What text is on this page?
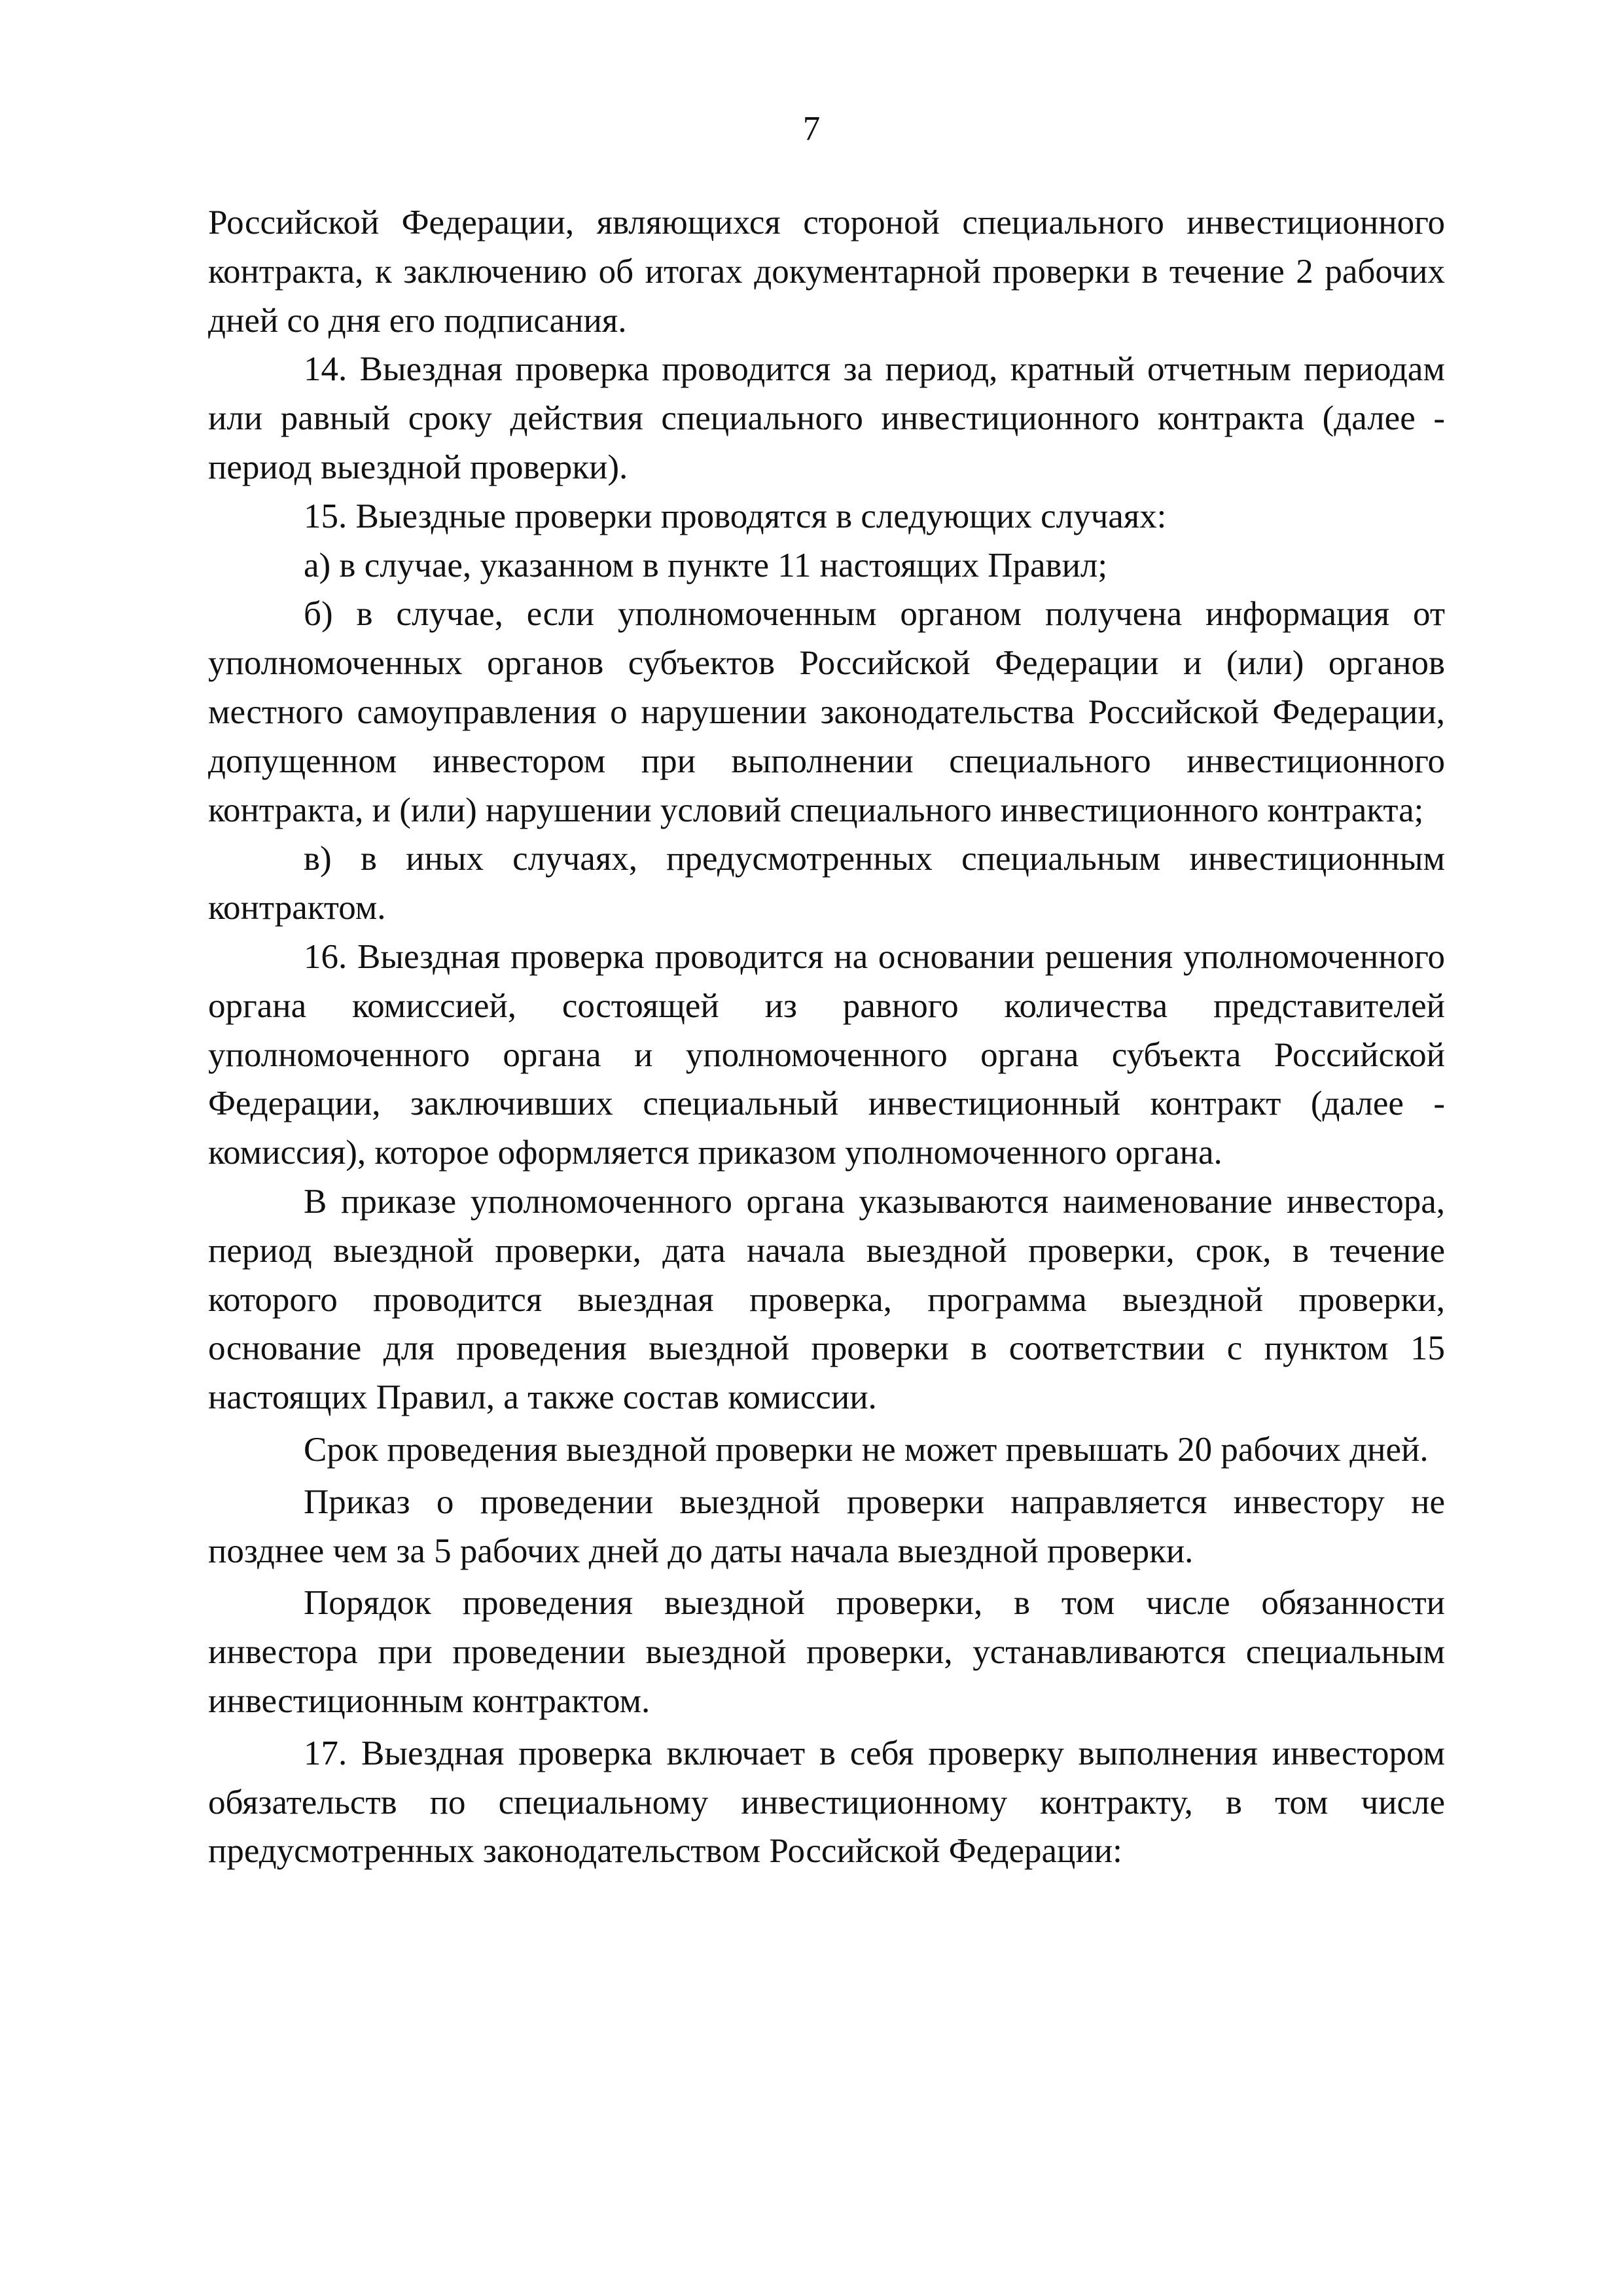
7

Российской Федерации, являющихся стороной специального инвестиционного контракта, к заключению об итогах документарной проверки в течение 2 рабочих дней со дня его подписания.

14. Выездная проверка проводится за период, кратный отчетным периодам или равный сроку действия специального инвестиционного контракта (далее - период выездной проверки).

15. Выездные проверки проводятся в следующих случаях:

а) в случае, указанном в пункте 11 настоящих Правил;

б) в случае, если уполномоченным органом получена информация от уполномоченных органов субъектов Российской Федерации и (или) органов местного самоуправления о нарушении законодательства Российской Федерации, допущенном инвестором при выполнении специального инвестиционного контракта, и (или) нарушении условий специального инвестиционного контракта;

в) в иных случаях, предусмотренных специальным инвестиционным контрактом.

16. Выездная проверка проводится на основании решения уполномоченного органа комиссией, состоящей из равного количества представителей уполномоченного органа и уполномоченного органа субъекта Российской Федерации, заключивших специальный инвестиционный контракт (далее - комиссия), которое оформляется приказом уполномоченного органа.

В приказе уполномоченного органа указываются наименование инвестора, период выездной проверки, дата начала выездной проверки, срок, в течение которого проводится выездная проверка, программа выездной проверки, основание для проведения выездной проверки в соответствии с пунктом 15 настоящих Правил, а также состав комиссии.

Срок проведения выездной проверки не может превышать 20 рабочих дней.

Приказ о проведении выездной проверки направляется инвестору не позднее чем за 5 рабочих дней до даты начала выездной проверки.

Порядок проведения выездной проверки, в том числе обязанности инвестора при проведении выездной проверки, устанавливаются специальным инвестиционным контрактом.

17. Выездная проверка включает в себя проверку выполнения инвестором обязательств по специальному инвестиционному контракту, в том числе предусмотренных законодательством Российской Федерации:
